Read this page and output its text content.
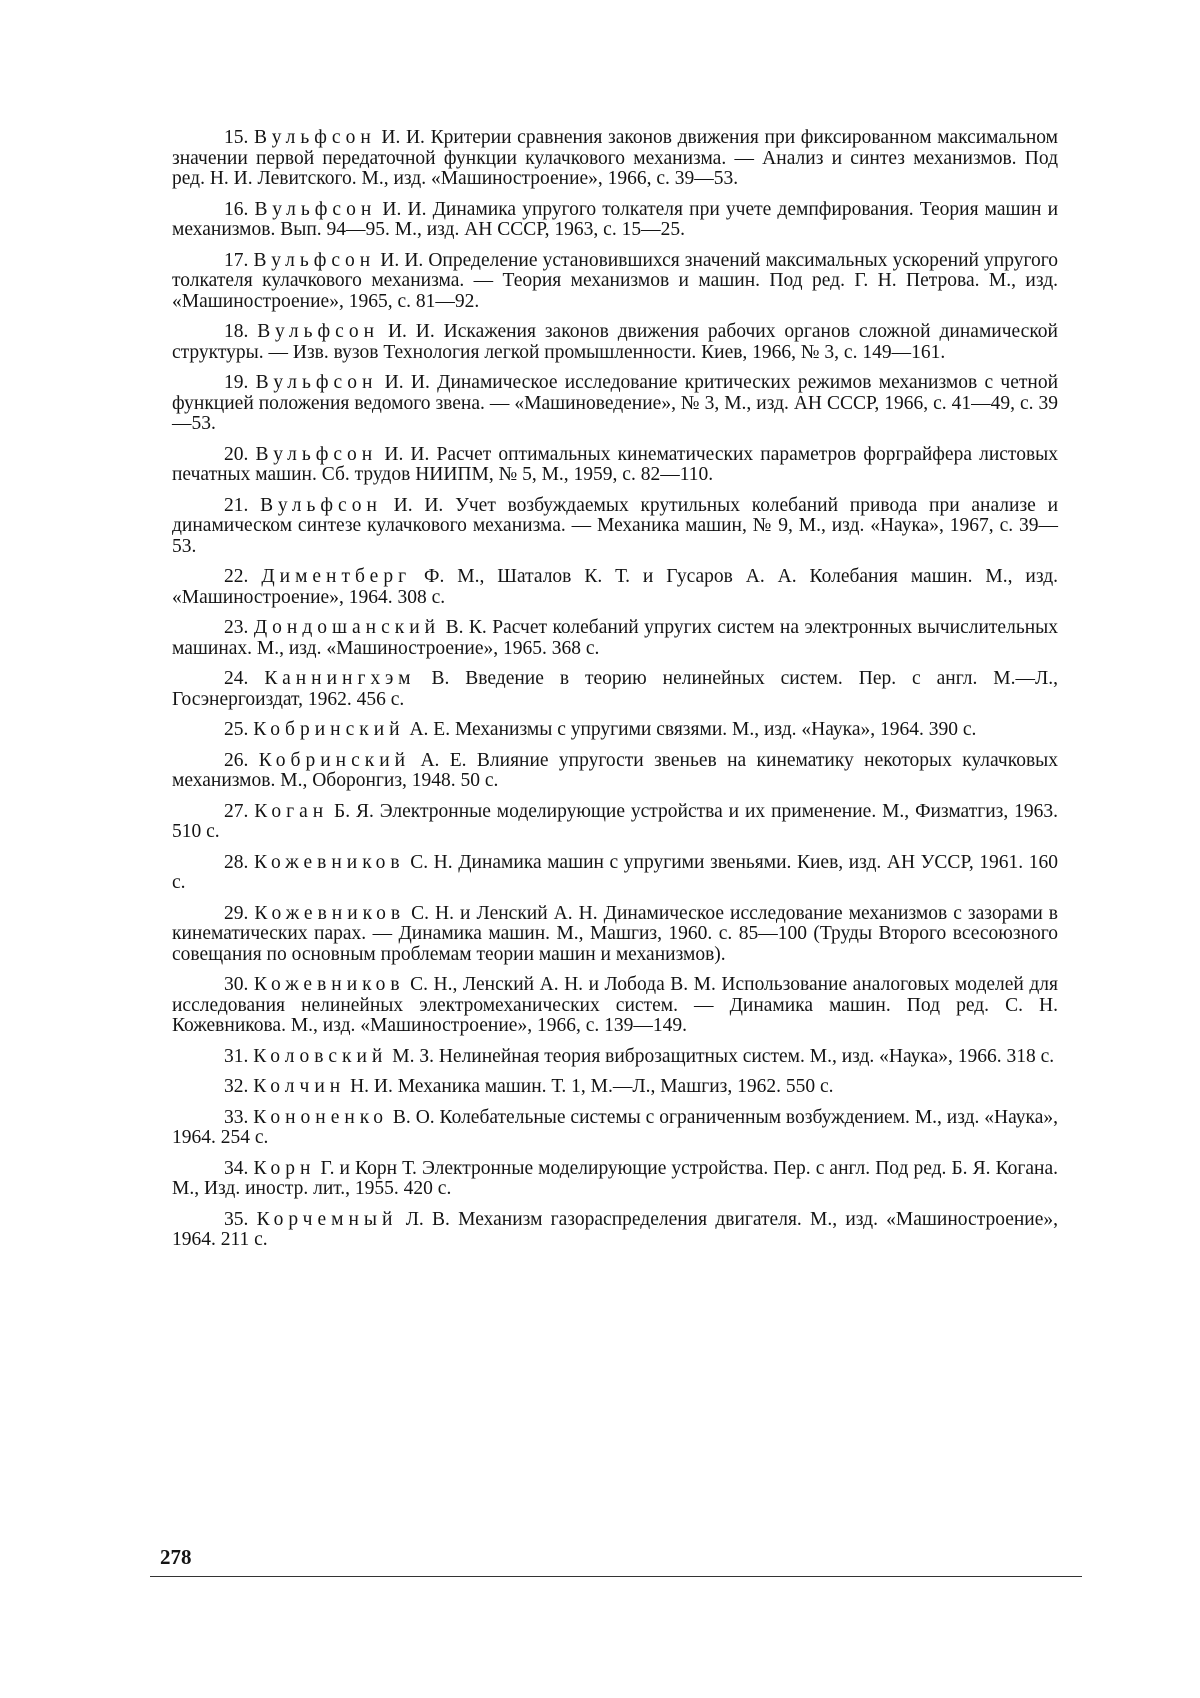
15. Вульфсон И. И. Критерии сравнения законов движения при фиксированном максимальном значении первой передаточной функции кулачкового механизма. — Анализ и синтез механизмов. Под ред. Н. И. Левитского. М., изд. «Машиностроение», 1966, с. 39—53.

16. Вульфсон И. И. Динамика упругого толкателя при учете демпфирования. Теория машин и механизмов. Вып. 94—95. М., изд. АН СССР, 1963, с. 15—25.

17. Вульфсон И. И. Определение установившихся значений максимальных ускорений упругого толкателя кулачкового механизма. — Теория механизмов и машин. Под ред. Г. Н. Петрова. М., изд. «Машиностроение», 1965, с. 81—92.

18. Вульфсон И. И. Искажения законов движения рабочих органов сложной динамической структуры. — Изв. вузов Технология легкой промышленности. Киев, 1966, № 3, с. 149—161.

19. Вульфсон И. И. Динамическое исследование критических режимов механизмов с четной функцией положения ведомого звена. — «Машиноведение», № 3, М., изд. АН СССР, 1966, с. 41—49, с. 39—53.

20. Вульфсон И. И. Расчет оптимальных кинематических параметров форграйфера листовых печатных машин. Сб. трудов НИИПМ, № 5, М., 1959, с. 82—110.

21. Вульфсон И. И. Учет возбуждаемых крутильных колебаний привода при анализе и динамическом синтезе кулачкового механизма. — Механика машин, № 9, М., изд. «Наука», 1967, с. 39—53.

22. Диментберг Ф. М., Шаталов К. Т. и Гусаров А. А. Колебания машин. М., изд. «Машиностроение», 1964. 308 с.

23. Дондошанский В. К. Расчет колебаний упругих систем на электронных вычислительных машинах. М., изд. «Машиностроение», 1965. 368 с.

24. Каннингхэм В. Введение в теорию нелинейных систем. Пер. с англ. М.—Л., Госэнергоиздат, 1962. 456 с.

25. Кобринский А. Е. Механизмы с упругими связями. М., изд. «Наука», 1964. 390 с.

26. Кобринский А. Е. Влияние упругости звеньев на кинематику некоторых кулачковых механизмов. М., Оборонгиз, 1948. 50 с.

27. Коган Б. Я. Электронные моделирующие устройства и их применение. М., Физматгиз, 1963. 510 с.

28. Кожевников С. Н. Динамика машин с упругими звеньями. Киев, изд. АН УССР, 1961. 160 с.

29. Кожевников С. Н. и Ленский А. Н. Динамическое исследование механизмов с зазорами в кинематических парах. — Динамика машин. М., Машгиз, 1960. с. 85—100 (Труды Второго всесоюзного совещания по основным проблемам теории машин и механизмов).

30. Кожевников С. Н., Ленский А. Н. и Лобода В. М. Использование аналоговых моделей для исследования нелинейных электромеханических систем. — Динамика машин. Под ред. С. Н. Кожевникова. М., изд. «Машиностроение», 1966, с. 139—149.

31. Коловский М. З. Нелинейная теория виброзащитных систем. М., изд. «Наука», 1966. 318 с.

32. Колчин Н. И. Механика машин. Т. 1, М.—Л., Машгиз, 1962. 550 с.

33. Кононенко В. О. Колебательные системы с ограниченным возбуждением. М., изд. «Наука», 1964. 254 с.

34. Корн Г. и Корн Т. Электронные моделирующие устройства. Пер. с англ. Под ред. Б. Я. Когана. М., Изд. иностр. лит., 1955. 420 с.

35. Корчемный Л. В. Механизм газораспределения двигателя. М., изд. «Машиностроение», 1964. 211 с.

278
